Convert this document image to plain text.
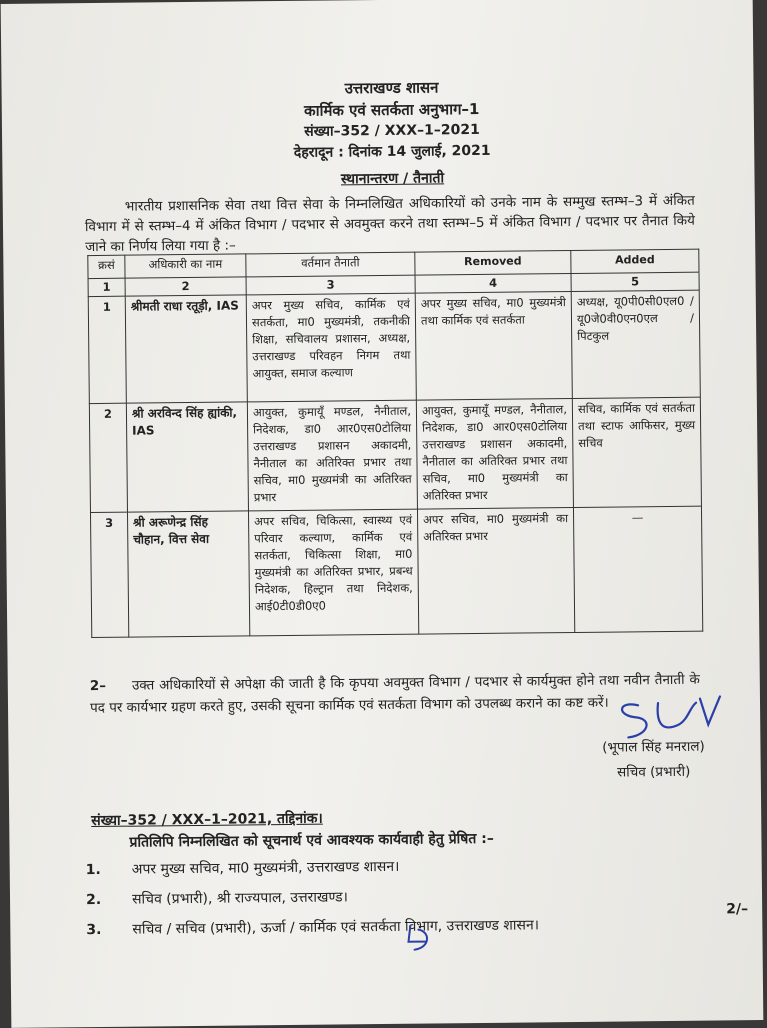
उत्तराखण्ड शासन
कार्मिक एवं सतर्कता अनुभाग–1
संख्या–352 / XXX–1–2021
देहरादून : दिनांक 14 जुलाई, 2021
स्थानान्तरण / तैनाती
भारतीय प्रशासनिक सेवा तथा वित्त सेवा के निम्नलिखित अधिकारियों को उनके नाम के सम्मुख स्तम्भ–3 में अंकित विभाग में से स्तम्भ–4 में अंकित विभाग / पदभार से अवमुक्त करने तथा स्तम्भ–5 में अंकित विभाग / पदभार पर तैनात किये जाने का निर्णय लिया गया है :–
क्रसं	अधिकारी का नाम	वर्तमान तैनाती	Removed	Added
1	2	3	4	5
1	श्रीमती राधा रतूड़ी, IAS	अपर मुख्य सचिव, कार्मिक एवं सतर्कता, मा0 मुख्यमंत्री, तकनीकी शिक्षा, सचिवालय प्रशासन, अध्यक्ष, उत्तराखण्ड परिवहन निगम तथा आयुक्त, समाज कल्याण	अपर मुख्य सचिव, मा0 मुख्यमंत्री तथा कार्मिक एवं सतर्कता	अध्यक्ष, यू0पी0सी0एल0 / यू0जे0वी0एन0एल / पिटकुल
2	श्री अरविन्द सिंह ह्यांकी, IAS	आयुक्त, कुमायूँ मण्डल, नैनीताल, निदेशक, डा0 आर0एस0टोलिया उत्तराखण्ड प्रशासन अकादमी, नैनीताल का अतिरिक्त प्रभार तथा सचिव, मा0 मुख्यमंत्री का अतिरिक्त प्रभार	आयुक्त, कुमायूँ मण्डल, नैनीताल, निदेशक, डा0 आर0एस0टोलिया उत्तराखण्ड प्रशासन अकादमी, नैनीताल का अतिरिक्त प्रभार तथा सचिव, मा0 मुख्यमंत्री का अतिरिक्त प्रभार	सचिव, कार्मिक एवं सतर्कता तथा स्टाफ आफिसर, मुख्य सचिव
3	श्री अरूणेन्द्र सिंह चौहान, वित्त सेवा	अपर सचिव, चिकित्सा, स्वास्थ्य एवं परिवार कल्याण, कार्मिक एवं सतर्कता, चिकित्सा शिक्षा, मा0 मुख्यमंत्री का अतिरिक्त प्रभार, प्रबन्ध निदेशक, हिल्ट्रान तथा निदेशक, आई0टी0डी0ए0	अपर सचिव, मा0 मुख्यमंत्री का अतिरिक्त प्रभार	—
2– उक्त अधिकारियों से अपेक्षा की जाती है कि कृपया अवमुक्त विभाग / पदभार से कार्यमुक्त होने तथा नवीन तैनाती के पद पर कार्यभार ग्रहण करते हुए, उसकी सूचना कार्मिक एवं सतर्कता विभाग को उपलब्ध कराने का कष्ट करें।
(भूपाल सिंह मनराल)
सचिव (प्रभारी)
संख्या–352 / XXX–1–2021, तद्दिनांक।
प्रतिलिपि निम्नलिखित को सूचनार्थ एवं आवश्यक कार्यवाही हेतु प्रेषित :–
1. अपर मुख्य सचिव, मा0 मुख्यमंत्री, उत्तराखण्ड शासन।
2. सचिव (प्रभारी), श्री राज्यपाल, उत्तराखण्ड।
3. सचिव / सचिव (प्रभारी), ऊर्जा / कार्मिक एवं सतर्कता विभाग, उत्तराखण्ड शासन।
2/–
